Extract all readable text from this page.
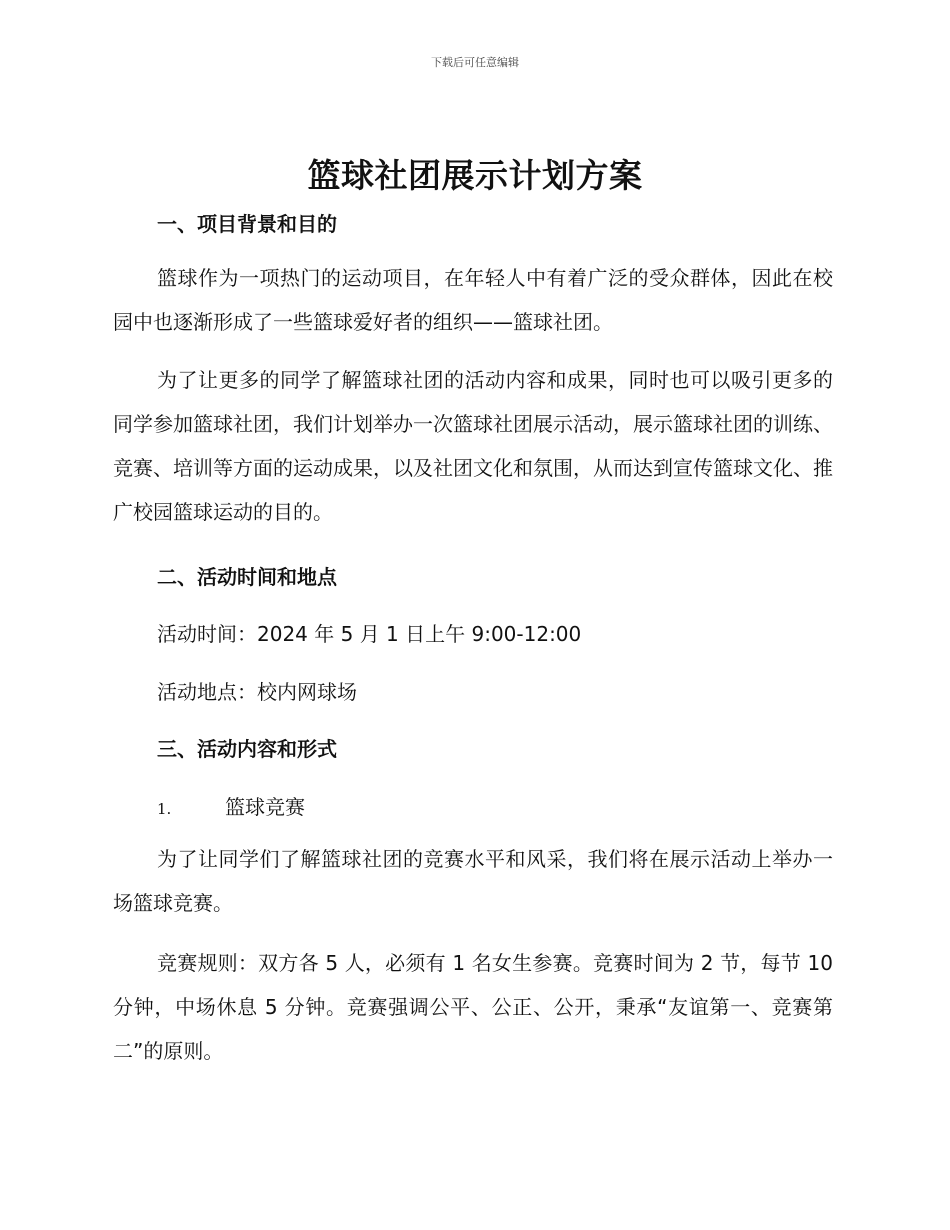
下载后可任意编辑
篮球社团展示计划方案
一、项目背景和目的

篮球作为一项热门的运动项目，在年轻人中有着广泛的受众群体，因此在校园中也逐渐形成了一些篮球爱好者的组织——篮球社团。

为了让更多的同学了解篮球社团的活动内容和成果，同时也可以吸引更多的同学参加篮球社团，我们计划举办一次篮球社团展示活动，展示篮球社团的训练、竞赛、培训等方面的运动成果，以及社团文化和氛围，从而达到宣传篮球文化、推广校园篮球运动的目的。

二、活动时间和地点
活动时间：2024 年 5 月 1 日上午 9:00-12:00
活动地点：校内网球场
三、活动内容和形式
1.	篮球竞赛

为了让同学们了解篮球社团的竞赛水平和风采，我们将在展示活动上举办一场篮球竞赛。

竞赛规则：双方各 5 人，必须有 1 名女生参赛。竞赛时间为 2 节，每节 10 分钟，中场休息 5 分钟。竞赛强调公平、公正、公开，秉承“友谊第一、竞赛第二”的原则。
